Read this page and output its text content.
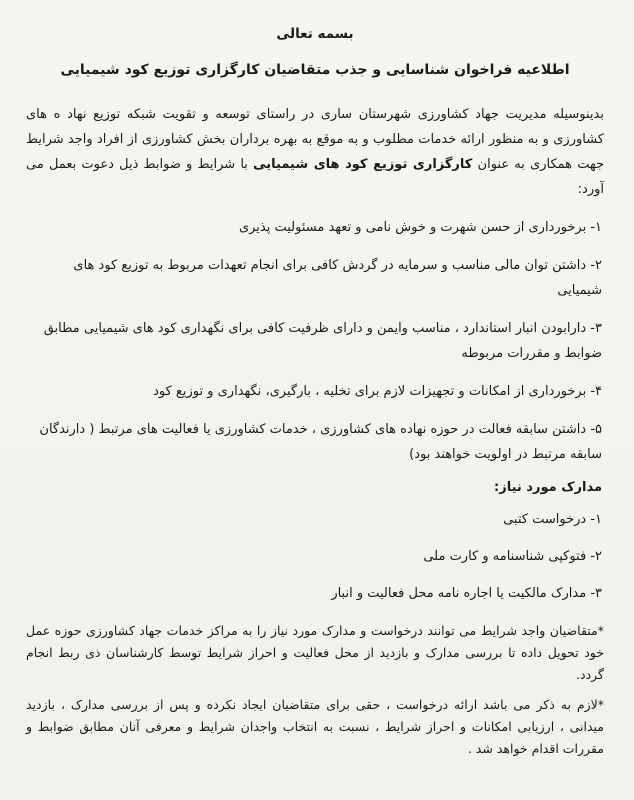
بسمه تعالی

اطلاعیه فراخوان شناسایی و جذب متقاضیان کارگزاری توزیع کود شیمیایی

بدینوسیله مدیریت جهاد کشاورزی شهرستان ساری در راستای توسعه و تقویت شبکه توزیع نهاد ه های کشاورزی و به منظور ارائه خدمات مطلوب و به موقع به بهره برداران بخش کشاورزی از افراد واجد شرایط جهت همکاری به عنوان کارگزاری توزیع کود های شیمیایی با شرایط و ضوابط ذیل دعوت بعمل می آورد:

۱- برخورداری از حسن شهرت و خوش نامی و تعهد مسئولیت پذیری

۲- داشتن توان مالی مناسب و سرمایه در گردش کافی برای انجام تعهدات مربوط به توزیع کود های شیمیایی

۳- دارابودن انبار استاندارد ، مناسب وایمن و دارای ظرفیت کافی برای نگهداری کود های شیمیایی مطابق ضوابط و مقررات مربوطه

۴- برخورداری از امکانات و تجهیزات لازم برای تخلیه ، بارگیری، نگهداری و توزیع کود

۵- داشتن سابقه فعالت در حوزه نهاده های کشاورزی ، خدمات کشاورزی یا فعالیت های مرتبط ( دارندگان سابقه مرتبط در اولویت خواهند بود)

مدارک مورد نیاز:

۱- درخواست کتبی

۲- فتوکپی شناسنامه و کارت ملی

۳- مدارک مالکیت یا اجاره نامه محل فعالیت و انبار

*متقاضیان واجد شرایط می توانند درخواست و مدارک مورد نیاز را به مراکز خدمات جهاد کشاورزی حوزه عمل خود تحویل داده تا بررسی مدارک و بازدید از محل فعالیت و احراز شرایط توسط کارشناسان ذی ربط انجام گردد.

*لازم به ذکر می باشد ارائه درخواست ، حقی برای متقاضیان ایجاد نکرده و پس از بررسی مدارک ، بازدید میدانی ، ارزیابی امکانات و احراز شرایط ، نسبت به انتخاب واجدان شرایط و معرفی آنان مطابق ضوابط و مقررات اقدام خواهد شد .
